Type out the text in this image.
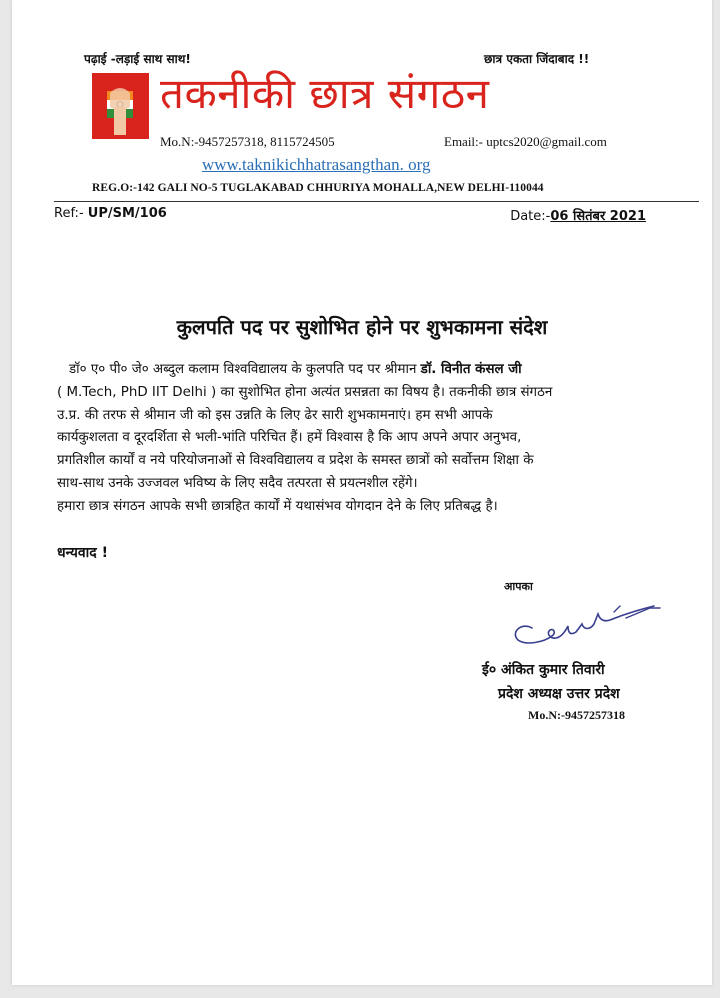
पढ़ाई -लड़ाई साथ साथ!	छात्र एकता जिंदाबाद !!
तकनीकी छात्र संगठन
Mo.N:-9457257318, 8115724505	Email:- uptcs2020@gmail.com
www.taknikichhatrasangthan. org
REG.O:-142 GALI NO-5 TUGLAKABAD CHHURIYA MOHALLA,NEW DELHI-110044
Ref:- UP/SM/106	Date:-06 सितंबर 2021
कुलपति पद पर सुशोभित होने पर शुभकामना संदेश
डॉ० ए० पी० जे० अब्दुल कलाम विश्वविद्यालय के कुलपति पद पर श्रीमान डॉ. विनीत कंसल जी
( M.Tech, PhD IIT Delhi ) का सुशोभित होना अत्यंत प्रसन्नता का विषय है। तकनीकी छात्र संगठन
उ.प्र. की तरफ से श्रीमान जी को इस उन्नति के लिए ढेर सारी शुभकामनाएं। हम सभी आपके
कार्यकुशलता व दूरदर्शिता से भली-भांति परिचित हैं। हमें विश्वास है कि आप अपने अपार अनुभव,
प्रगतिशील कार्यों व नये परियोजनाओं से विश्वविद्यालय व प्रदेश के समस्त छात्रों को सर्वोत्तम शिक्षा के
साथ-साथ उनके उज्जवल भविष्य के लिए सदैव तत्परता से प्रयत्नशील रहेंगे।
हमारा छात्र संगठन आपके सभी छात्रहित कार्यों में यथासंभव योगदान देने के लिए प्रतिबद्ध है।
धन्यवाद !
आपका
ई० अंकित कुमार तिवारी
प्रदेश अध्यक्ष उत्तर प्रदेश
Mo.N:-9457257318
